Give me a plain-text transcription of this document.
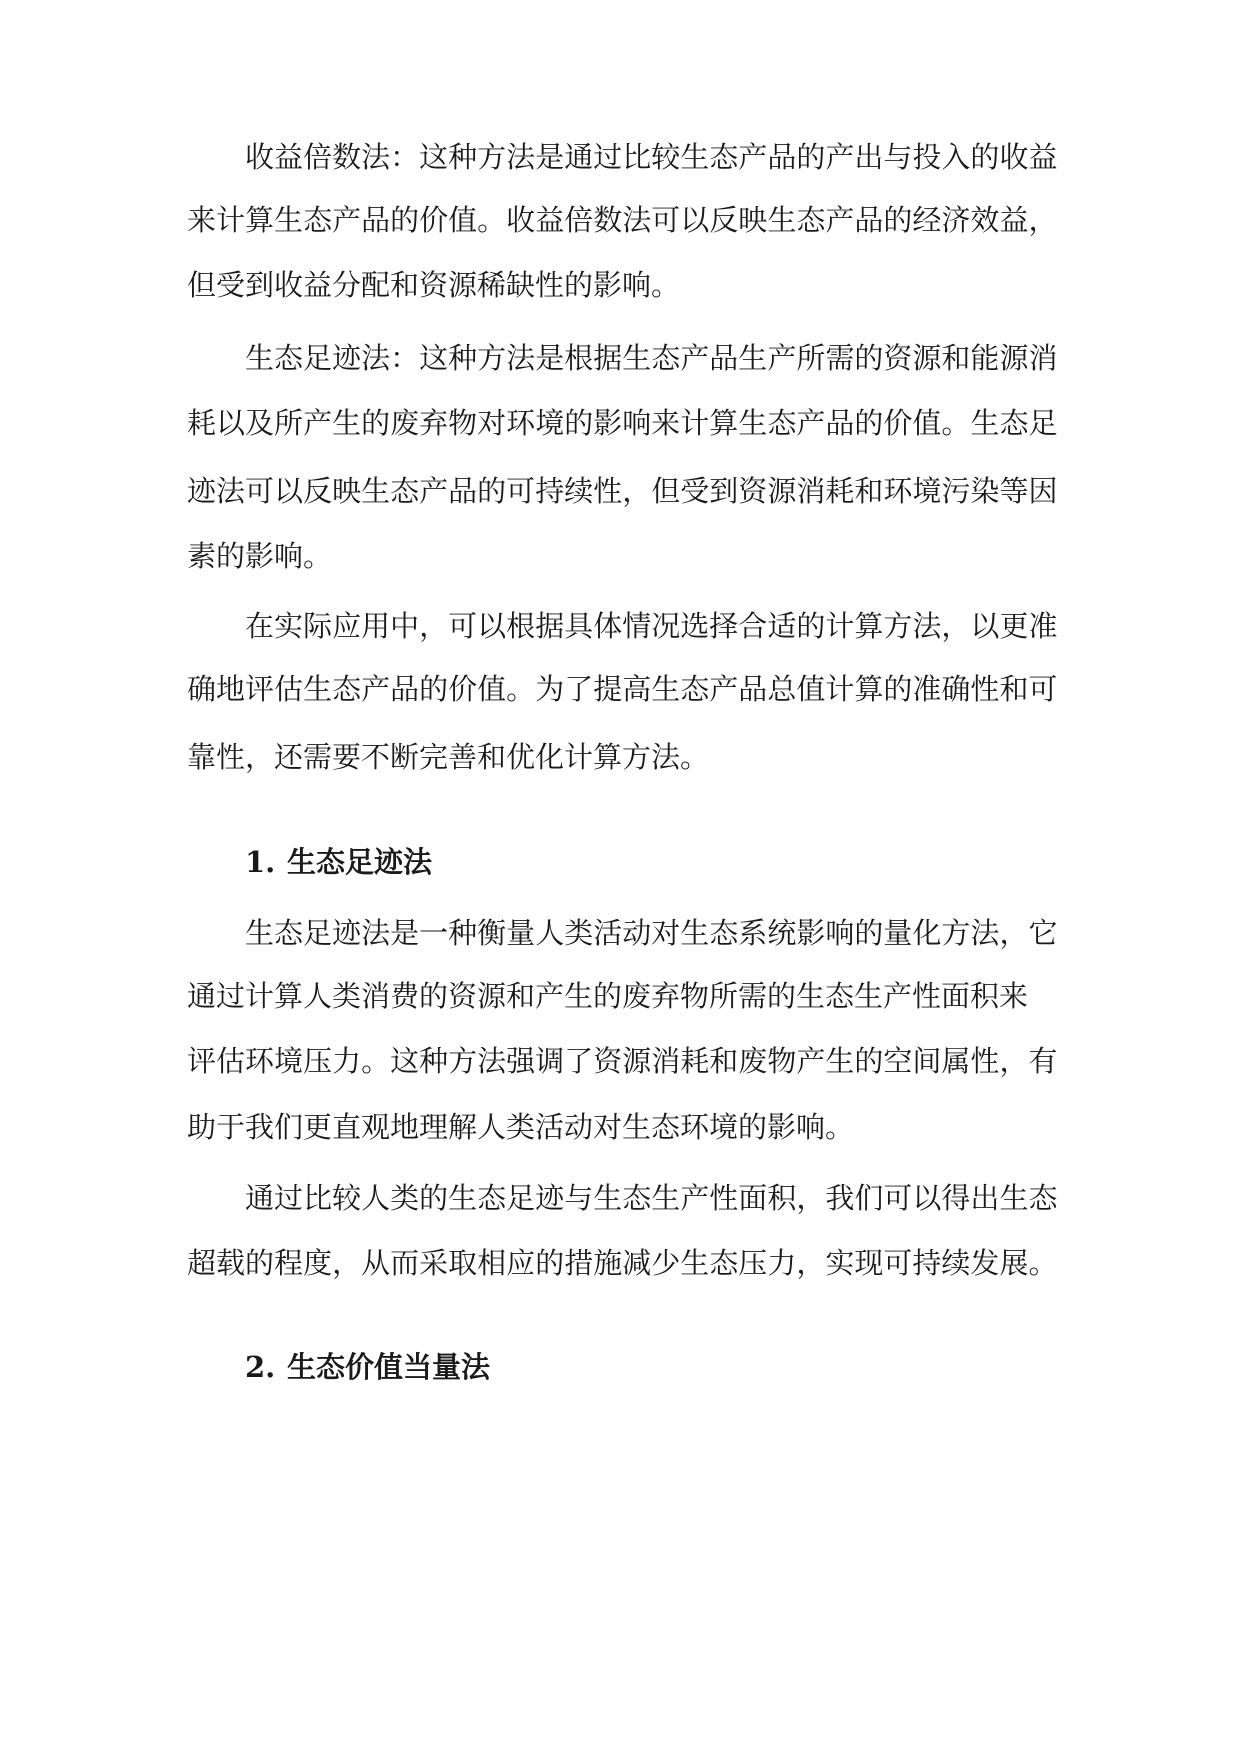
收 益 倍 数 法 ： 这 种 方 法 是 通 过 比 较 生 态 产 品 的 产 出 与 投 入 的 收 益
来 计 算 生 态 产 品 的 价 值 。 收 益 倍 数 法 可 以 反 映 生 态 产 品 的 经 济 效 益 ，
但受到收益分配和资源稀缺性的影响。

生 态 足 迹 法 ： 这 种 方 法 是 根 据 生 态 产 品 生 产 所 需 的 资 源 和 能 源 消
耗 以 及 所 产 生 的 废 弃 物 对 环 境 的 影 响 来 计 算 生 态 产 品 的 价 值 。 生 态 足
迹 法 可 以 反 映 生 态 产 品 的 可 持 续 性 ， 但 受 到 资 源 消 耗 和 环 境 污 染 等 因
素的影响。

在 实 际 应 用 中 ， 可 以 根 据 具 体 情 况 选 择 合 适 的 计 算 方 法 ， 以 更 准
确 地 评 估 生 态 产 品 的 价 值 。 为 了 提 高 生 态 产 品 总 值 计 算 的 准 确 性 和 可
靠性，还需要不断完善和优化计算方法。
1. 生态足迹法

生 态 足 迹 法 是 一 种 衡 量 人 类 活 动 对 生 态 系 统 影 响 的 量 化 方 法 ， 它
通过计算人类消费的资源和产生的废弃物所需的生态生产性面积来
评 估 环 境 压 力 。 这 种 方 法 强 调 了 资 源 消 耗 和 废 物 产 生 的 空 间 属 性 ， 有
助于我们更直观地理解人类活动对生态环境的影响。

通 过 比 较 人 类 的 生 态 足 迹 与 生 态 生 产 性 面 积 ， 我 们 可 以 得 出 生 态
超 载 的 程 度 ， 从 而 采 取 相 应 的 措 施 减 少 生 态 压 力 ， 实 现 可 持 续 发 展 。
2. 生态价值当量法
